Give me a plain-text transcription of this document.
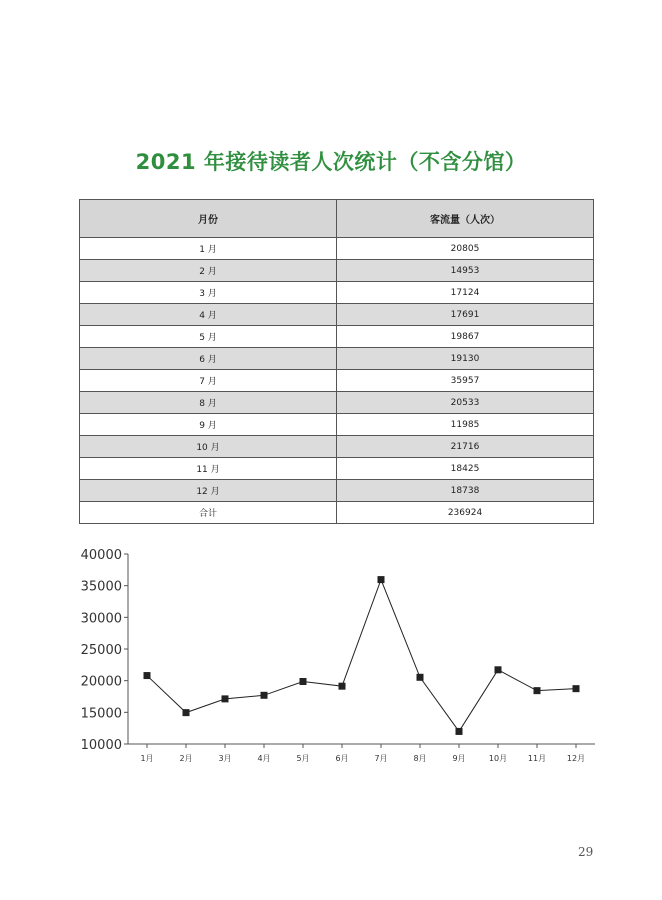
2021 年接待读者人次统计（不含分馆）
月份	客流量（人次）
1 月	20805
2 月	14953
3 月	17124
4 月	17691
5 月	19867
6 月	19130
7 月	35957
8 月	20533
9 月	11985
10 月	21716
11 月	18425
12 月	18738
合计	236924
10000
15000
20000
25000
30000
35000
40000
1月	2月	3月	4月	5月	6月	7月	8月	9月	10月	11月	12月
29
